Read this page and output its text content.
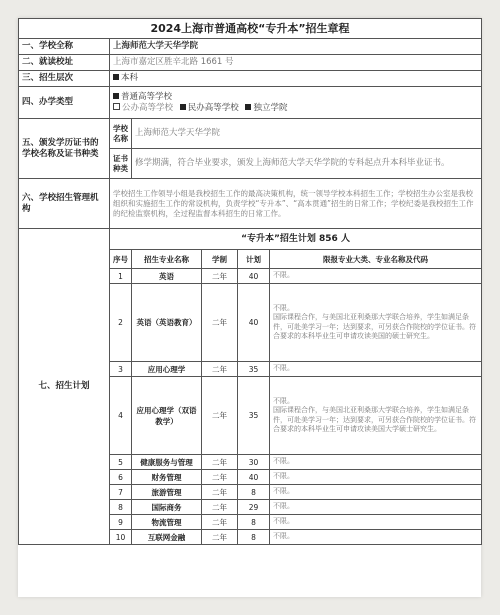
2024上海市普通高校“专升本”招生章程					
一、学校全称	上海师范大学天华学院				
二、就读校址	上海市嘉定区胜辛北路 1661 号				
三、招生层次	本科				
四、办学类型	普通高等学校
公办高等学校 民办高等学校 独立学院				

五、颁发学历证书的学校名称及证书种类	学校名称	上海师范大学天华学院			
	证书种类	修学期满，符合毕业要求，颁发上海师范大学天华学院的专科起点升本科毕业证书。			
六、学校招生管理机构	学校招生工作领导小组是我校招生工作的最高决策机构，统一领导学校本科招生工作；学校招生办公室是我校组织和实施招生工作的常设机构，负责学校“专升本”、“高本贯通”招生的日常工作；学校纪委是我校招生工作的纪检监察机构，全过程监督本科招生的日常工作。				
七、招生计划	“专升本”招生计划 856 人				
	序号	招生专业名称	学制	计划	限报专业大类、专业名称及代码
	1	英语	二年	40	不限。
	2	英语（英语教育）	二年	40	不限。
国际课程合作，与美国北亚利桑那大学联合培养，学生如满足条件，可赴美学习一年；达到要求，可另获合作院校的学位证书。符合要求的本科毕业生可申请攻读美国的硕士研究生。
	3	应用心理学	二年	35	不限。
	4	应用心理学（双语教学）	二年	35	不限。
国际课程合作，与美国北亚利桑那大学联合培养，学生如满足条件，可赴美学习一年；达到要求，可另获合作院校的学位证书。符合要求的本科毕业生可申请攻读美国大学硕士研究生。
	5	健康服务与管理	二年	30	不限。
	6	财务管理	二年	40	不限。
	7	旅游管理	二年	8	不限。
	8	国际商务	二年	29	不限。
	9	物流管理	二年	8	不限。
	10	互联网金融	二年	8	不限。
